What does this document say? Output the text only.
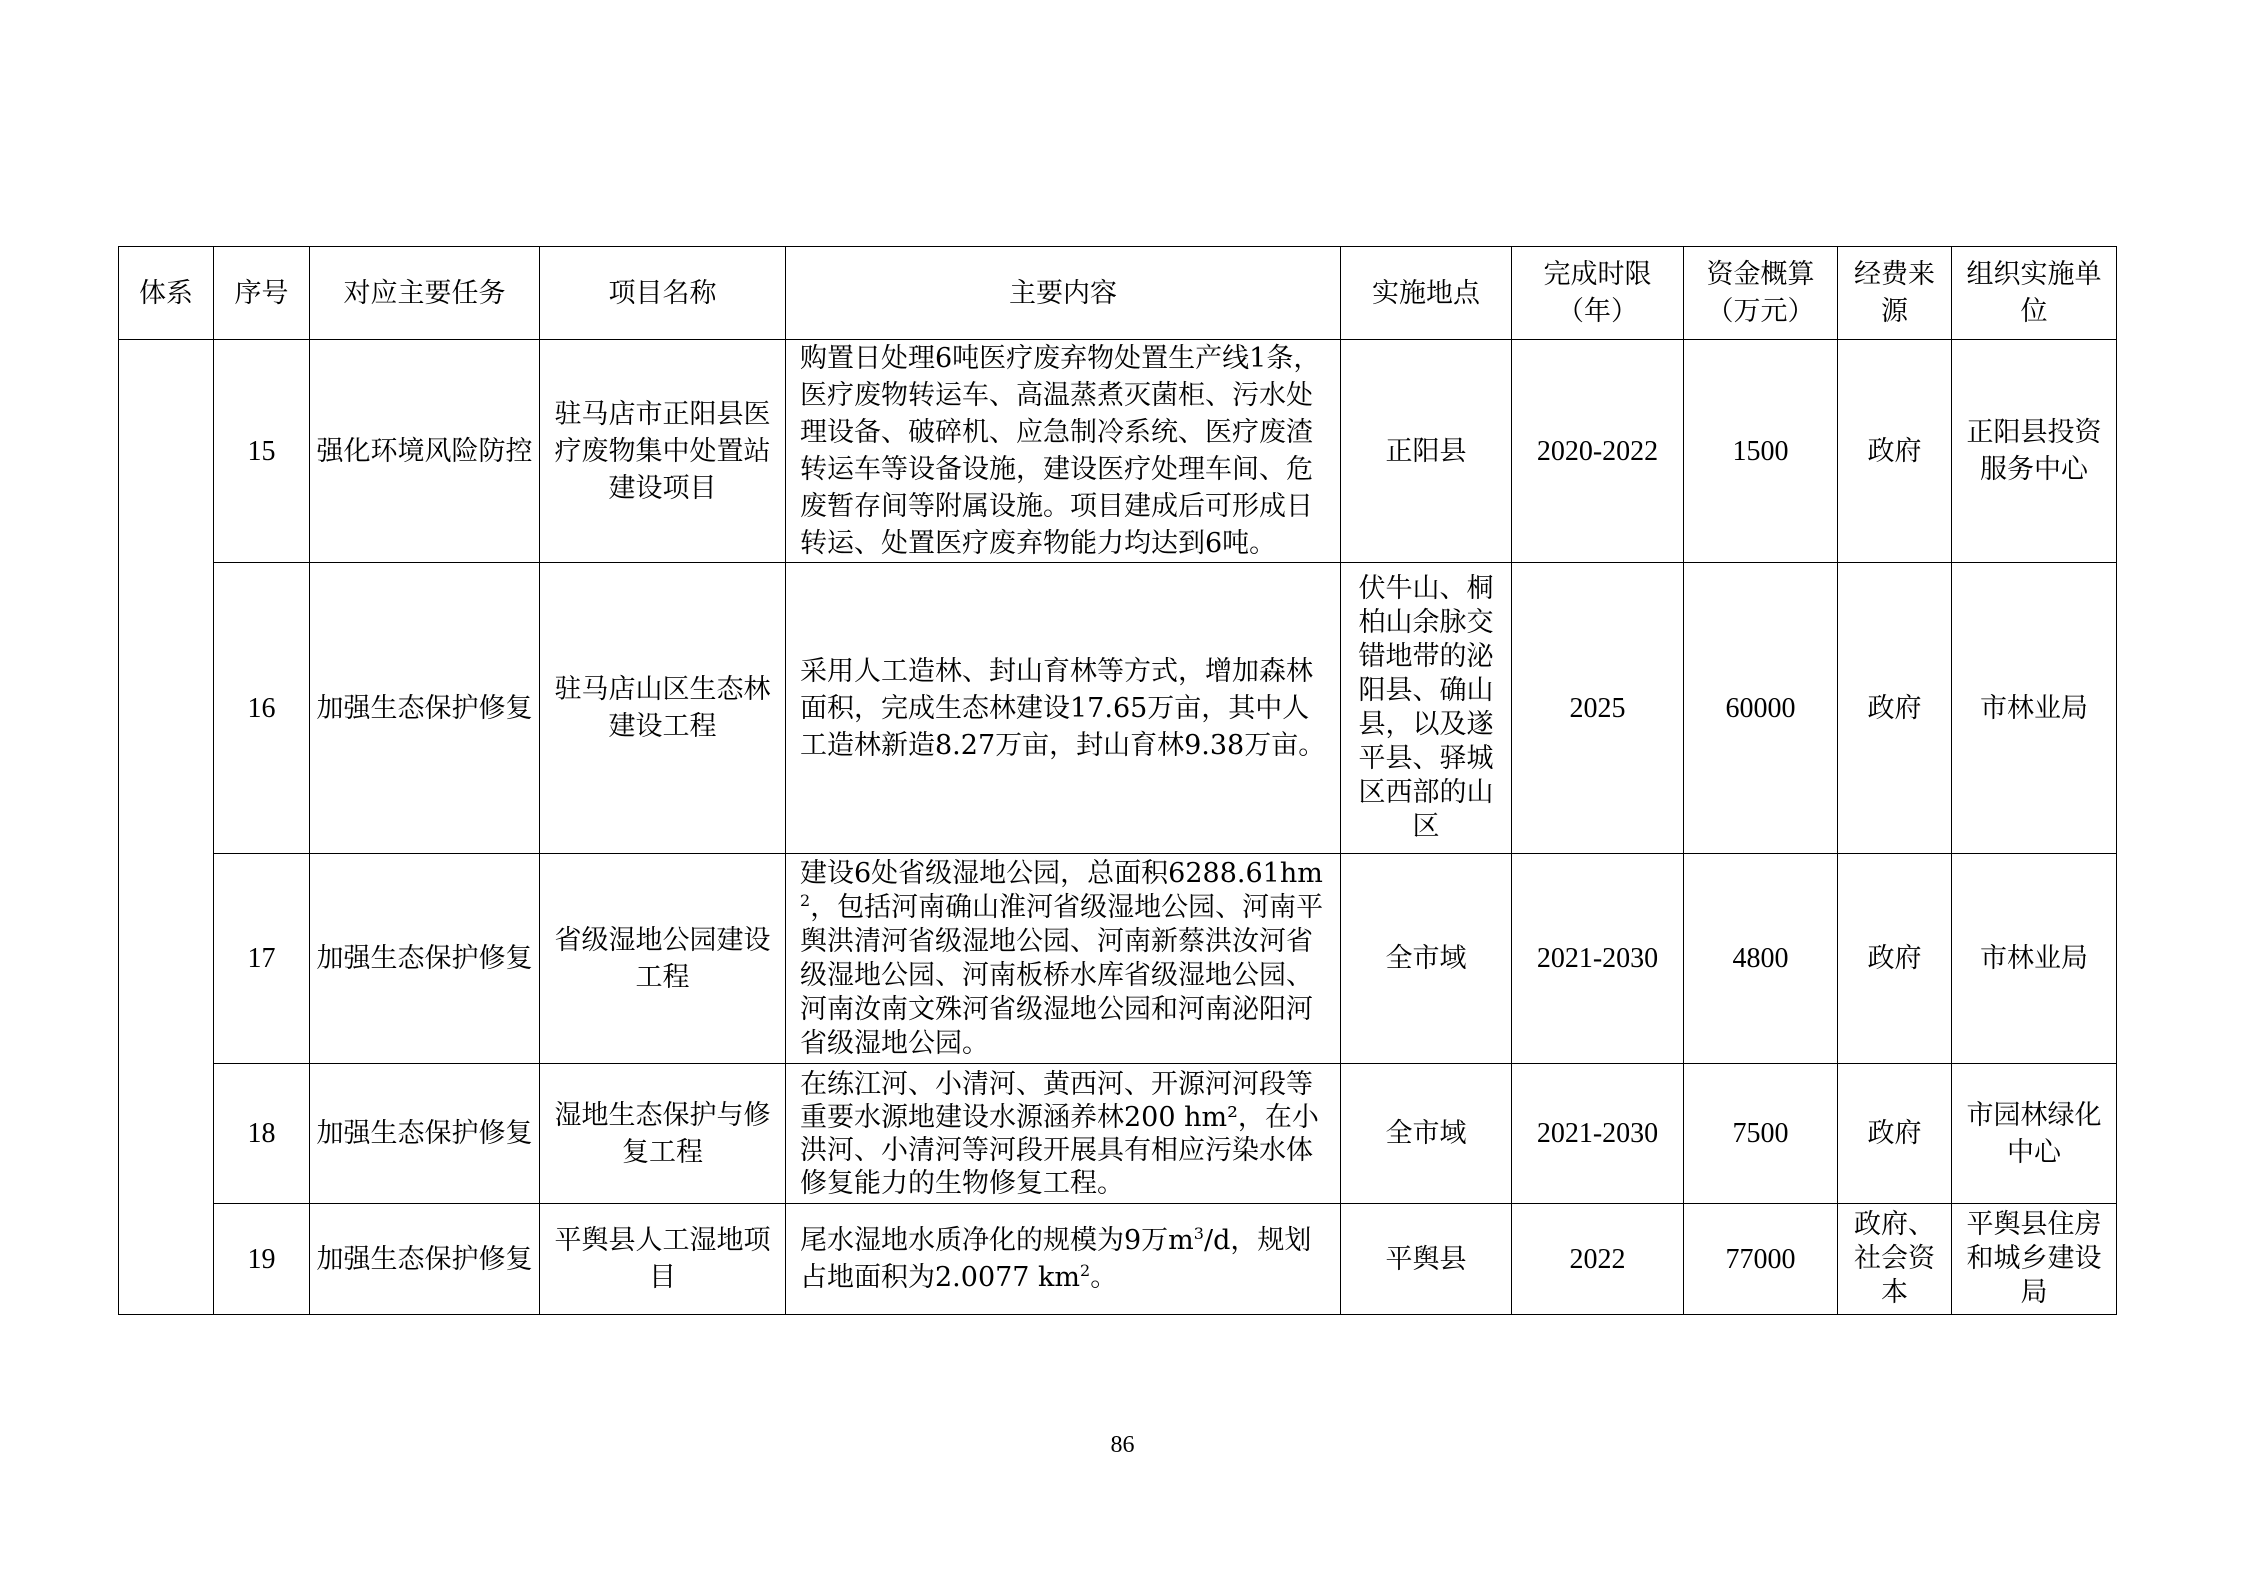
体系	序号	对应主要任务	项目名称	主要内容	实施地点	完成时限（年）	资金概算（万元）	经费来源	组织实施单位
	15	强化环境风险防控	驻马店市正阳县医疗废物集中处置站建设项目	购置日处理6吨医疗废弃物处置生产线1条，医疗废物转运车、高温蒸煮灭菌柜、污水处理设备、破碎机、应急制冷系统、医疗废渣转运车等设备设施，建设医疗处理车间、危废暂存间等附属设施。项目建成后可形成日转运、处置医疗废弃物能力均达到6吨。	正阳县	2020-2022	1500	政府	正阳县投资服务中心
	16	加强生态保护修复	驻马店山区生态林建设工程	采用人工造林、封山育林等方式，增加森林面积，完成生态林建设17.65万亩，其中人工造林新造8.27万亩，封山育林9.38万亩。	伏牛山、桐柏山余脉交错地带的泌阳县、确山县，以及遂平县、驿城区西部的山区	2025	60000	政府	市林业局
	17	加强生态保护修复	省级湿地公园建设工程	建设6处省级湿地公园，总面积$6288.61hm^2$，包括河南确山淮河省级湿地公园、河南平舆洪清河省级湿地公园、河南新蔡洪汝河省级湿地公园、河南板桥水库省级湿地公园、河南汝南文殊河省级湿地公园和河南泌阳河省级湿地公园。	全市域	2021-2030	4800	政府	市林业局
	18	加强生态保护修复	湿地生态保护与修复工程	在练江河、小清河、黄西河、开源河河段等重要水源地建设水源涵养林200 hm²，在小洪河、小清河等河段开展具有相应污染水体修复能力的生物修复工程。	全市域	2021-2030	7500	政府	市园林绿化中心
	19	加强生态保护修复	平舆县人工湿地项目	尾水湿地水质净化的规模为9万$m^3/d$，规划占地面积为2.0077 $km^2$。	平舆县	2022	77000	政府、社会资本	平舆县住房和城乡建设局
86
